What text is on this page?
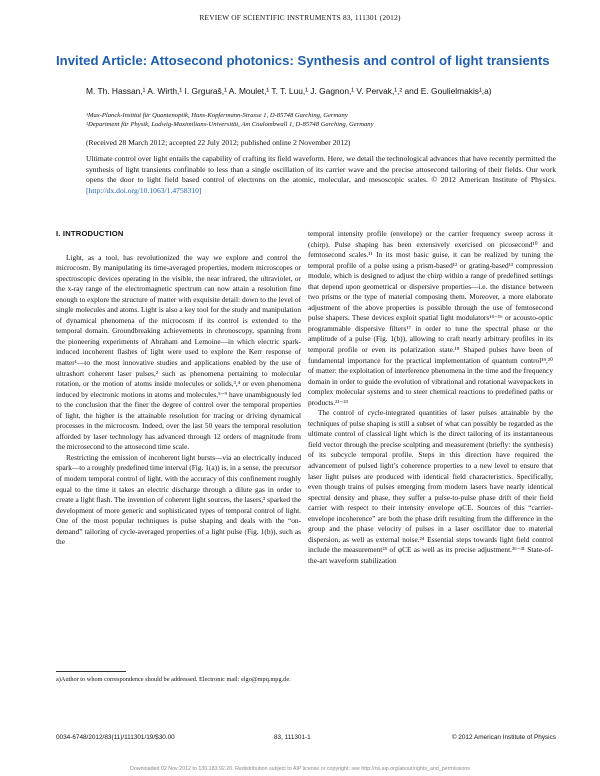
REVIEW OF SCIENTIFIC INSTRUMENTS 83, 111301 (2012)
Invited Article: Attosecond photonics: Synthesis and control of light transients
M. Th. Hassan,¹ A. Wirth,¹ I. Grguraš,¹ A. Moulet,¹ T. T. Luu,¹ J. Gagnon,¹ V. Pervak,¹,² and E. Goulielmakis¹,a)
¹Max-Planck-Institut für Quantenoptik, Hans-Kopfermann-Strasse 1, D-85748 Garching, Germany
²Department für Physik, Ludwig-Maximilians-Universität, Am Coulombwall 1, D-85748 Garching, Germany
(Received 28 March 2012; accepted 22 July 2012; published online 2 November 2012)
Ultimate control over light entails the capability of crafting its field waveform. Here, we detail the technological advances that have recently permitted the synthesis of light transients confinable to less than a single oscillation of its carrier wave and the precise attosecond tailoring of their fields. Our work opens the door to light field based control of electrons on the atomic, molecular, and mesoscopic scales. © 2012 American Institute of Physics. [http://dx.doi.org/10.1063/1.4758310]
I. INTRODUCTION

Light, as a tool, has revolutionized the way we explore and control the microcosm. By manipulating its time-averaged properties, modern microscopes or spectroscopic devices operating in the visible, the near infrared, the ultraviolet, or the x-ray range of the electromagnetic spectrum can now attain a resolution fine enough to explore the structure of matter with exquisite detail: down to the level of single molecules and atoms. Light is also a key tool for the study and manipulation of dynamical phenomena of the microcosm if its control is extended to the temporal domain. Groundbreaking achievements in chronoscopy, spanning from the pioneering experiments of Abraham and Lemoine—in which electric spark-induced incoherent flashes of light were used to explore the Kerr response of matter¹—to the most innovative studies and applications enabled by the use of ultrashort coherent laser pulses,² such as phenomena pertaining to molecular rotation, or the motion of atoms inside molecules or solids,³,⁴ or even phenomena induced by electronic motions in atoms and molecules,⁵⁻⁹ have unambiguously led to the conclusion that the finer the degree of control over the temporal properties of light, the higher is the attainable resolution for tracing or driving dynamical processes in the microcosm. Indeed, over the last 50 years the temporal resolution afforded by laser technology has advanced through 12 orders of magnitude from the microsecond to the attosecond time scale.

Restricting the emission of incoherent light bursts—via an electrically induced spark—to a roughly predefined time interval (Fig. 1(a)) is, in a sense, the precursor of modern temporal control of light, with the accuracy of this confinement roughly equal to the time it takes an electric discharge through a dilute gas in order to create a light flash. The invention of coherent light sources, the lasers,² sparked the development of more generic and sophisticated types of temporal control of light. One of the most popular techniques is pulse shaping and deals with the “on-demand” tailoring of cycle-averaged properties of a light pulse (Fig. 1(b)), such as the

temporal intensity profile (envelope) or the carrier frequency sweep across it (chirp). Pulse shaping has been extensively exercised on picosecond¹⁰ and femtosecond scales.¹¹ In its most basic guise, it can be realized by tuning the temporal profile of a pulse using a prism-based¹² or grating-based¹³ compression module, which is designed to adjust the chirp within a range of predefined settings that depend upon geometrical or dispersive properties—i.e. the distance between two prisms or the type of material composing them. Moreover, a more elaborate adjustment of the above properties is possible through the use of femtosecond pulse shapers. These devices exploit spatial light modulators¹⁴⁻¹⁶ or acousto-optic programmable dispersive filters¹⁷ in order to tune the spectral phase or the amplitude of a pulse (Fig. 1(b)), allowing to craft nearly arbitrary profiles in its temporal profile or even its polarization state.¹⁸ Shaped pulses have been of fundamental importance for the practical implementation of quantum control¹⁹,²⁰ of matter: the exploitation of interference phenomena in the time and the frequency domain in order to guide the evolution of vibrational and rotational wavepackets in complex molecular systems and to steer chemical reactions to predefined paths or products.²¹⁻²³

The control of cycle-integrated quantities of laser pulses attainable by the techniques of pulse shaping is still a subset of what can possibly be regarded as the ultimate control of classical light which is the direct tailoring of its instantaneous field vector through the precise sculpting and measurement (briefly: the synthesis) of its subcycle temporal profile. Steps in this direction have required the advancement of pulsed light’s coherence properties to a new level to ensure that laser light pulses are produced with identical field characteristics. Specifically, even though trains of pulses emerging from modern lasers have nearly identical spectral density and phase, they suffer a pulse-to-pulse phase drift of their field carrier with respect to their intensity envelope φCE. Sources of this “carrier-envelope incoherence” are both the phase drift resulting from the difference in the group and the phase velocity of pulses in a laser oscillator due to material dispersion, as well as external noise.²⁴ Essential steps towards light field control include the measurement²⁵ of φCE as well as its precise adjustment.²⁶⁻³¹ State-of-the-art waveform stabilization

a)Author to whom correspondence should be addressed. Electronic mail: elgo@mpq.mpg.de.
0034-6748/2012/83(11)/111301/19/$30.00	83, 111301-1	© 2012 American Institute of Physics
Downloaded 02 Nov 2012 to 130.183.92.20. Redistribution subject to AIP license or copyright; see http://rsi.aip.org/about/rights_and_permissions
